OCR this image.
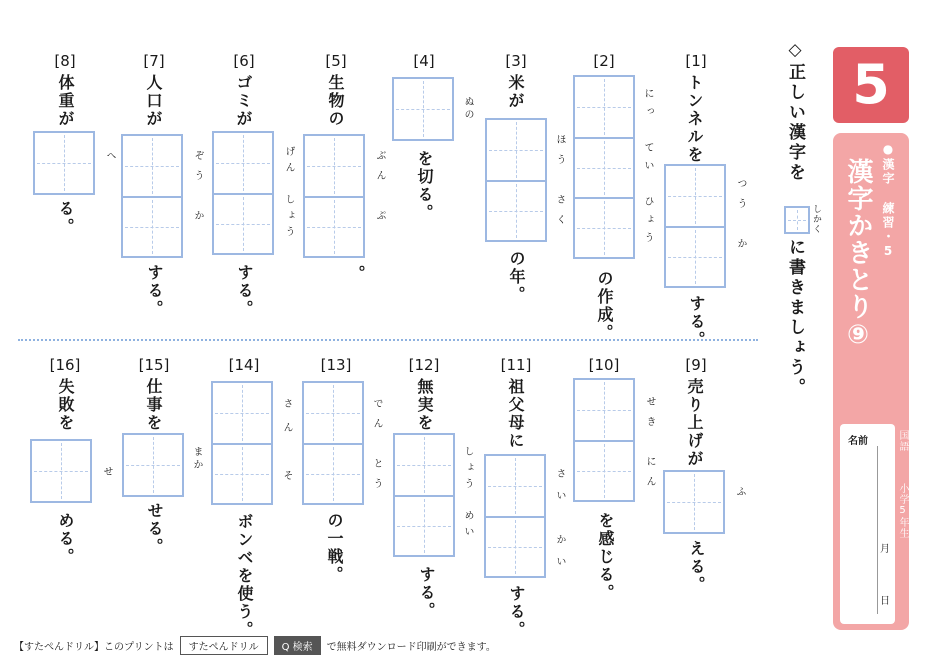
◇正しい漢字を
しかく
に書きましょう。
5
●漢字 練習・5
漢字かきとり⑨
国語
小学5年生
名前
月
日
[1]
トンネルを
つう　か
する。
[2]
にっ　てい　ひょう
の作成。
[3]
米が
ほう　さく
の年。
[4]
ぬの
を切る。
[5]
生物の
ぶん　ぷ
。
[6]
ゴミが
げん　しょう
する。
[7]
人口が
ぞう　か
する。
[8]
体重が
へ
る。
[9]
売り上げが
ふ
える。
[10]
せき　にん
を感じる。
[11]
祖父母に
さい　かい
する。
[12]
無実を
しょう　めい
する。
[13]
でん　とう
の一戦。
[14]
さん　そ
ボンベを使う。
[15]
仕事を
まか
せる。
[16]
失敗を
せ
める。
【すたぺんドリル】このプリントは	すたぺんドリル	Q 検索	で無料ダウンロード印刷ができます。
